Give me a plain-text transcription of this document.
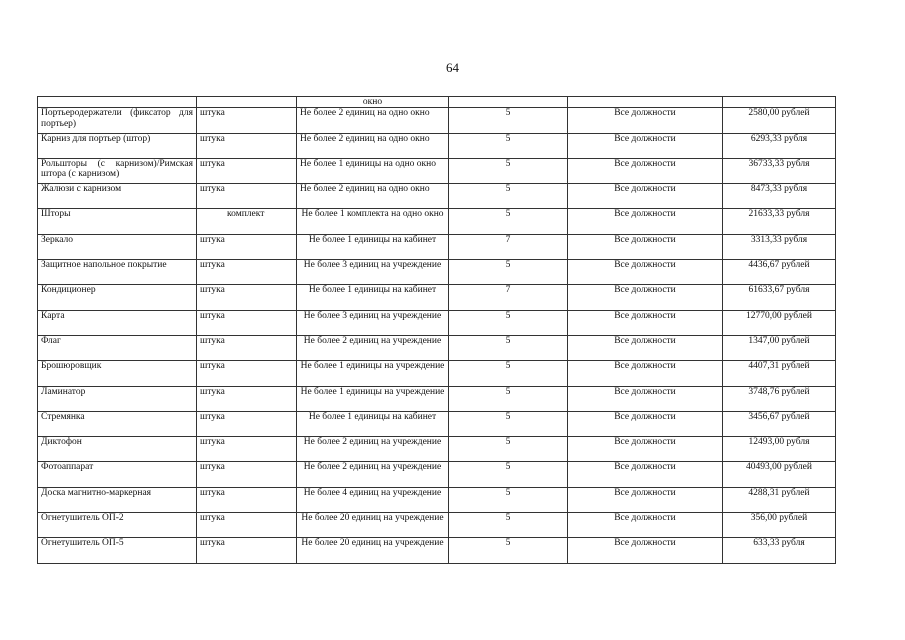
64
		окно			
Портьеродержатели (фиксатор для портьер)	штука	Не более 2 единиц на одно окно	5	Все должности	2580,00 рублей
Карниз для портьер (штор)	штука	Не более 2 единиц на одно окно	5	Все должности	6293,33 рубля
Рольшторы (с карнизом)/Римская штора (с карнизом)	штука	Не более 1 единицы на одно окно	5	Все должности	36733,33 рубля
Жалюзи с карнизом	штука	Не более 2 единиц на одно окно	5	Все должности	8473,33 рубля
Шторы	комплект	Не более 1 комплекта на одно окно	5	Все должности	21633,33 рубля
Зеркало	штука	Не более 1 единицы на кабинет	7	Все должности	3313,33 рубля
Защитное напольное покрытие	штука	Не более 3 единиц на учреждение	5	Все должности	4436,67 рублей
Кондиционер	штука	Не более 1 единицы на кабинет	7	Все должности	61633,67 рубля
Карта	штука	Не более 3 единиц на учреждение	5	Все должности	12770,00 рублей
Флаг	штука	Не более 2 единиц на учреждение	5	Все должности	1347,00 рублей
Брошюровщик	штука	Не более 1 единицы на учреждение	5	Все должности	4407,31 рублей
Ламинатор	штука	Не более 1 единицы на учреждение	5	Все должности	3748,76 рублей
Стремянка	штука	Не более 1 единицы на кабинет	5	Все должности	3456,67 рублей
Диктофон	штука	Не более 2 единиц на учреждение	5	Все должности	12493,00 рубля
Фотоаппарат	штука	Не более 2 единиц на учреждение	5	Все должности	40493,00 рублей
Доска магнитно-маркерная	штука	Не более 4 единиц на учреждение	5	Все должности	4288,31 рублей
Огнетушитель ОП-2	штука	Не более 20 единиц на учреждение	5	Все должности	356,00 рублей
Огнетушитель ОП-5	штука	Не более 20 единиц на учреждение	5	Все должности	633,33 рубля
